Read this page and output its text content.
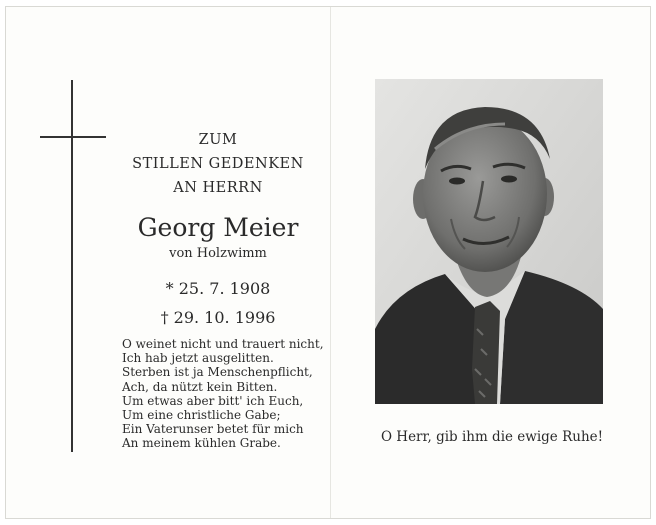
ZUM
STILLEN GEDENKEN
AN HERRN
Georg Meier
von Holzwimm
* 25. 7. 1908
† 29. 10. 1996
O weinet nicht und trauert nicht,
Ich hab jetzt ausgelitten.
Sterben ist ja Menschenpflicht,
Ach, da nützt kein Bitten.
Um etwas aber bitt' ich Euch,
Um eine christliche Gabe;
Ein Vaterunser betet für mich
An meinem kühlen Grabe.	O Herr, gib ihm die ewige Ruhe!
